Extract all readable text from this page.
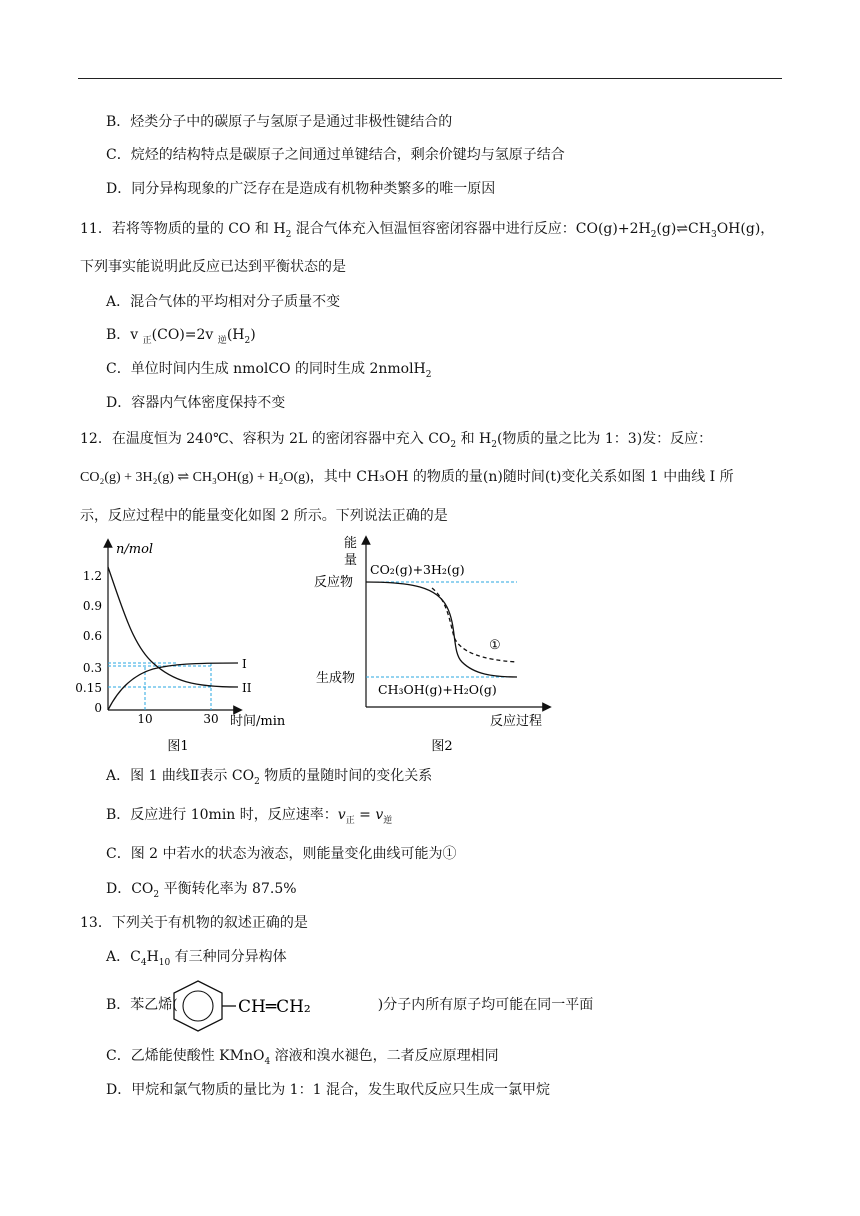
B．烃类分子中的碳原子与氢原子是通过非极性键结合的
C．烷烃的结构特点是碳原子之间通过单键结合，剩余价键均与氢原子结合
D．同分异构现象的广泛存在是造成有机物种类繁多的唯一原因
11．若将等物质的量的 CO 和 $H_2$ 混合气体充入恒温恒容密闭容器中进行反应：$CO(g)+2H_2(g)\rightleftharpoons CH_3OH(g)$，
下列事实能说明此反应已达到平衡状态的是
A．混合气体的平均相对分子质量不变
B．v $_正$(CO)=2v $_逆(H_2)$
C．单位时间内生成 nmolCO 的同时生成 2nmolH$_2$
D．容器内气体密度保持不变
12．在温度恒为 240℃、容积为 2L 的密闭容器中充入 $CO_2$ 和 $H_2$(物质的量之比为 1：3)发：反应：
CO₂(g) + 3H₂(g) ⇌ CH₃OH(g) + H₂O(g)，其中 CH₃OH 的物质的量(n)随时间(t)变化关系如图 1 中曲线 I 所
示，反应过程中的能量变化如图 2 所示。下列说法正确的是
n/mol
时间/min
1.2
0.9
0.6
0.3
0.15
0
10	30
I
II
图1
能
量
反应物
生成物
CO₂(g)+3H₂(g)
CH₃OH(g)+H₂O(g)
①
反应过程
图2
A．图 1 曲线Ⅱ表示 $CO_2$ 物质的量随时间的变化关系
B．反应进行 10min 时，反应速率：$v_正 = v_逆$
C．图 2 中若水的状态为液态，则能量变化曲线可能为①
D．$CO_2$ 平衡转化率为 87.5%
13．下列关于有机物的叙述正确的是
A．$C_4H_{10}$ 有三种同分异构体
B．苯乙烯(	)分子内所有原子均可能在同一平面
CH═CH₂
C．乙烯能使酸性 KMnO$_4$ 溶液和溴水褪色，二者反应原理相同
D．甲烷和氯气物质的量比为 1：1 混合，发生取代反应只生成一氯甲烷
